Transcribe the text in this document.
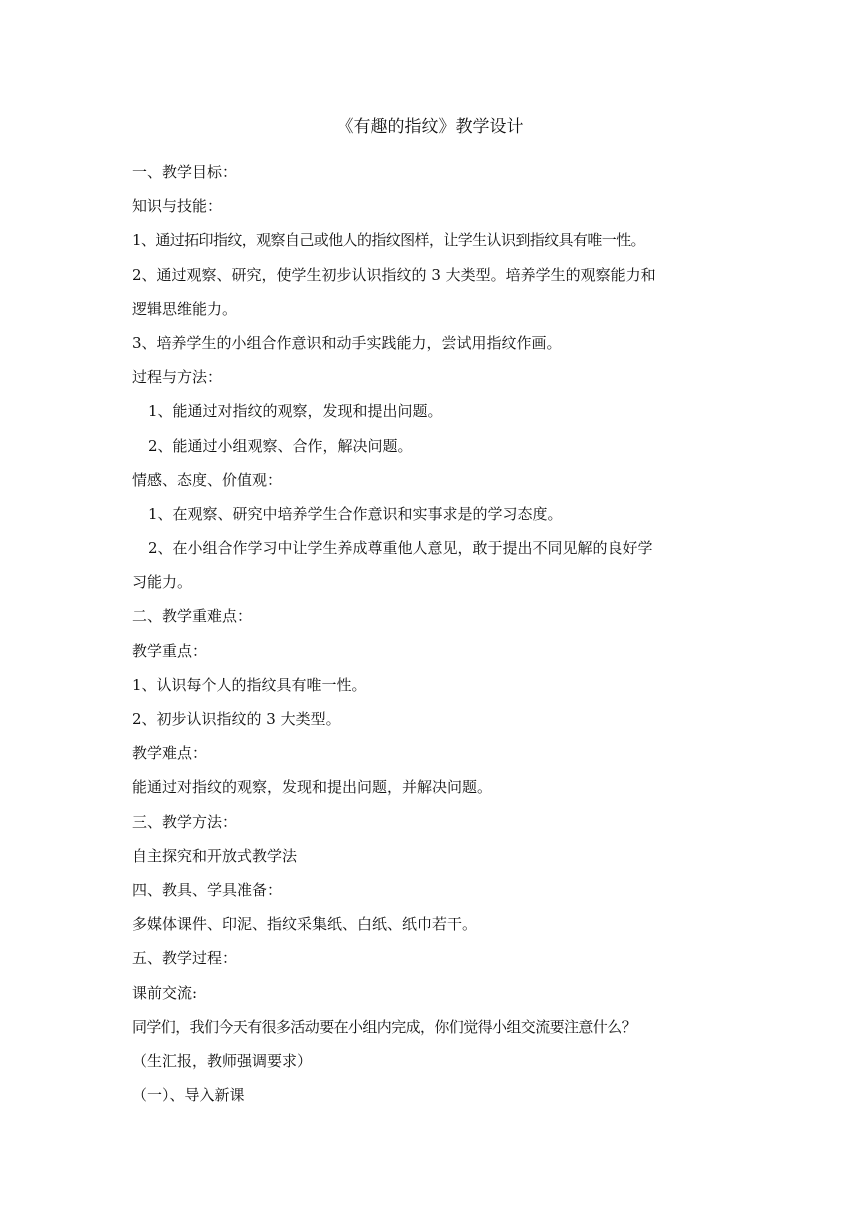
《有趣的指纹》教学设计

一、教学目标：

知识与技能：

1、通过拓印指纹，观察自己或他人的指纹图样，让学生认识到指纹具有唯一性。

2、通过观察、研究，使学生初步认识指纹的 3 大类型。培养学生的观察能力和

逻辑思维能力。

3、培养学生的小组合作意识和动手实践能力，尝试用指纹作画。

过程与方法：

1、能通过对指纹的观察，发现和提出问题。

2、能通过小组观察、合作，解决问题。

情感、态度、价值观：

1、在观察、研究中培养学生合作意识和实事求是的学习态度。

2、在小组合作学习中让学生养成尊重他人意见，敢于提出不同见解的良好学

习能力。

二、教学重难点：

教学重点：

1、认识每个人的指纹具有唯一性。

2、初步认识指纹的 3 大类型。

教学难点：

能通过对指纹的观察，发现和提出问题，并解决问题。

三、教学方法：

自主探究和开放式教学法

四、教具、学具准备：

多媒体课件、印泥、指纹采集纸、白纸、纸巾若干。

五、教学过程：

课前交流:

同学们，我们今天有很多活动要在小组内完成，你们觉得小组交流要注意什么？

（生汇报，教师强调要求）

（一）、导入新课
